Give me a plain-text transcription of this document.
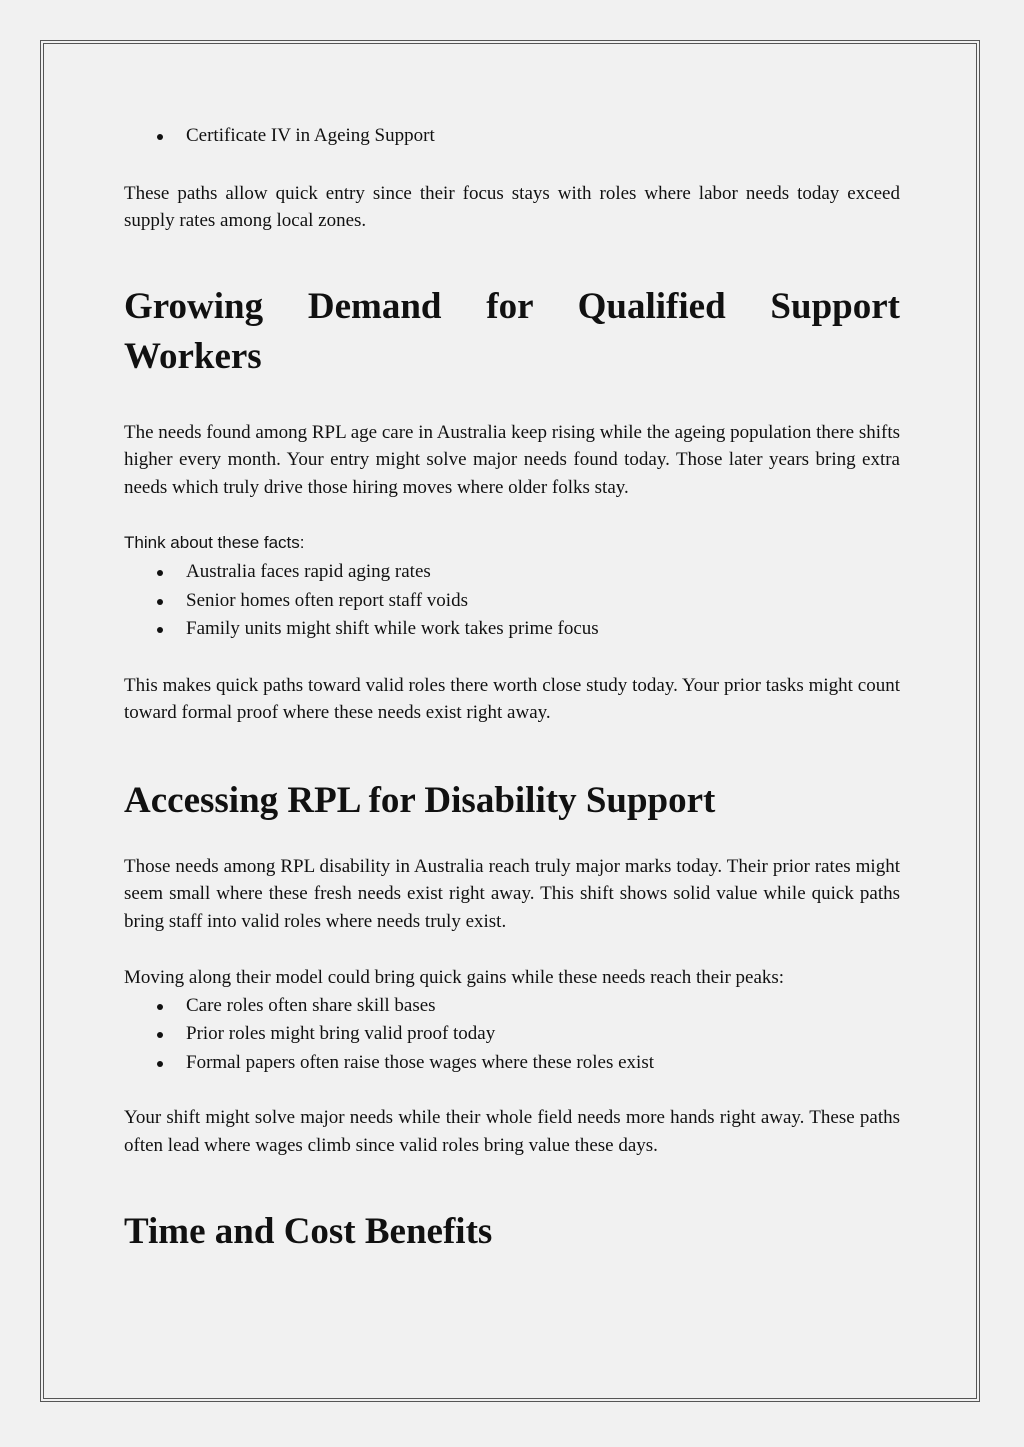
Certificate IV in Ageing Support

These paths allow quick entry since their focus stays with roles where labor needs today exceed supply rates among local zones.

Growing Demand for Qualified Support Workers

The needs found among RPL age care in Australia keep rising while the ageing population there shifts higher every month. Your entry might solve major needs found today. Those later years bring extra needs which truly drive those hiring moves where older folks stay.

Think about these facts:

Australia faces rapid aging rates
Senior homes often report staff voids
Family units might shift while work takes prime focus

This makes quick paths toward valid roles there worth close study today. Your prior tasks might count toward formal proof where these needs exist right away.

Accessing RPL for Disability Support

Those needs among RPL disability in Australia reach truly major marks today. Their prior rates might seem small where these fresh needs exist right away. This shift shows solid value while quick paths bring staff into valid roles where needs truly exist.

Moving along their model could bring quick gains while these needs reach their peaks:

Care roles often share skill bases
Prior roles might bring valid proof today
Formal papers often raise those wages where these roles exist

Your shift might solve major needs while their whole field needs more hands right away. These paths often lead where wages climb since valid roles bring value these days.

Time and Cost Benefits
